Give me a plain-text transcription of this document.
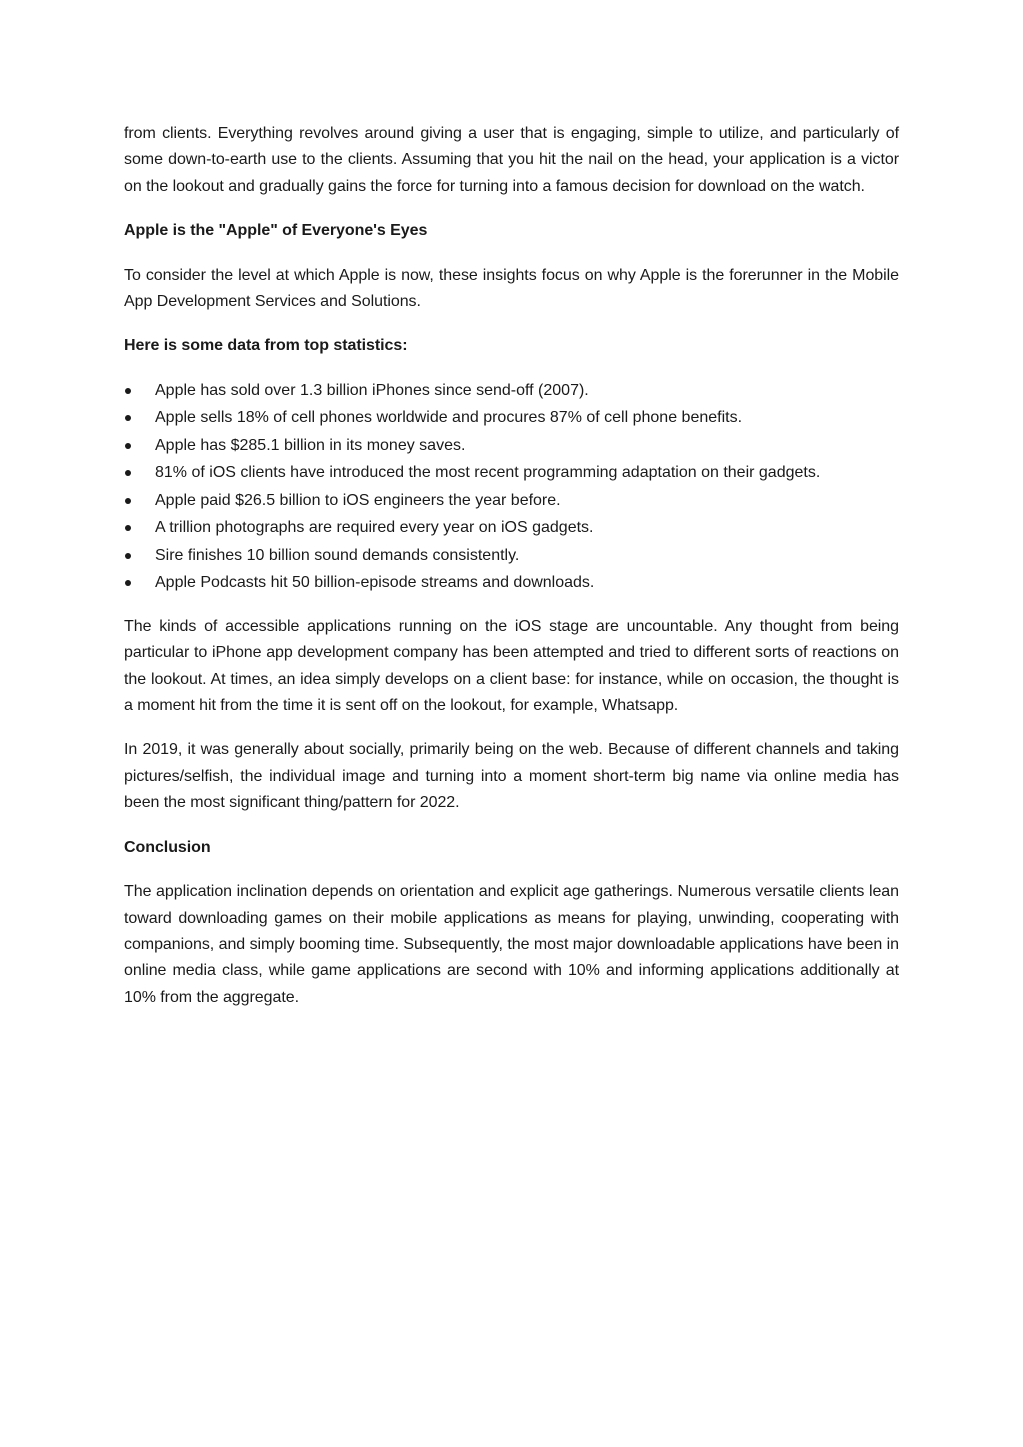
from clients. Everything revolves around giving a user that is engaging, simple to utilize, and particularly of some down-to-earth use to the clients. Assuming that you hit the nail on the head, your application is a victor on the lookout and gradually gains the force for turning into a famous decision for download on the watch.

Apple is the "Apple" of Everyone's Eyes

To consider the level at which Apple is now, these insights focus on why Apple is the forerunner in the Mobile App Development Services and Solutions.

Here is some data from top statistics:

Apple has sold over 1.3 billion iPhones since send-off (2007).
Apple sells 18% of cell phones worldwide and procures 87% of cell phone benefits.
Apple has $285.1 billion in its money saves.
81% of iOS clients have introduced the most recent programming adaptation on their gadgets.
Apple paid $26.5 billion to iOS engineers the year before.
A trillion photographs are required every year on iOS gadgets.
Sire finishes 10 billion sound demands consistently.
Apple Podcasts hit 50 billion-episode streams and downloads.

The kinds of accessible applications running on the iOS stage are uncountable. Any thought from being particular to iPhone app development company has been attempted and tried to different sorts of reactions on the lookout. At times, an idea simply develops on a client base: for instance, while on occasion, the thought is a moment hit from the time it is sent off on the lookout, for example, Whatsapp.

In 2019, it was generally about socially, primarily being on the web. Because of different channels and taking pictures/selfish, the individual image and turning into a moment short-term big name via online media has been the most significant thing/pattern for 2022.

Conclusion

The application inclination depends on orientation and explicit age gatherings. Numerous versatile clients lean toward downloading games on their mobile applications as means for playing, unwinding, cooperating with companions, and simply booming time. Subsequently, the most major downloadable applications have been in online media class, while game applications are second with 10% and informing applications additionally at 10% from the aggregate.
